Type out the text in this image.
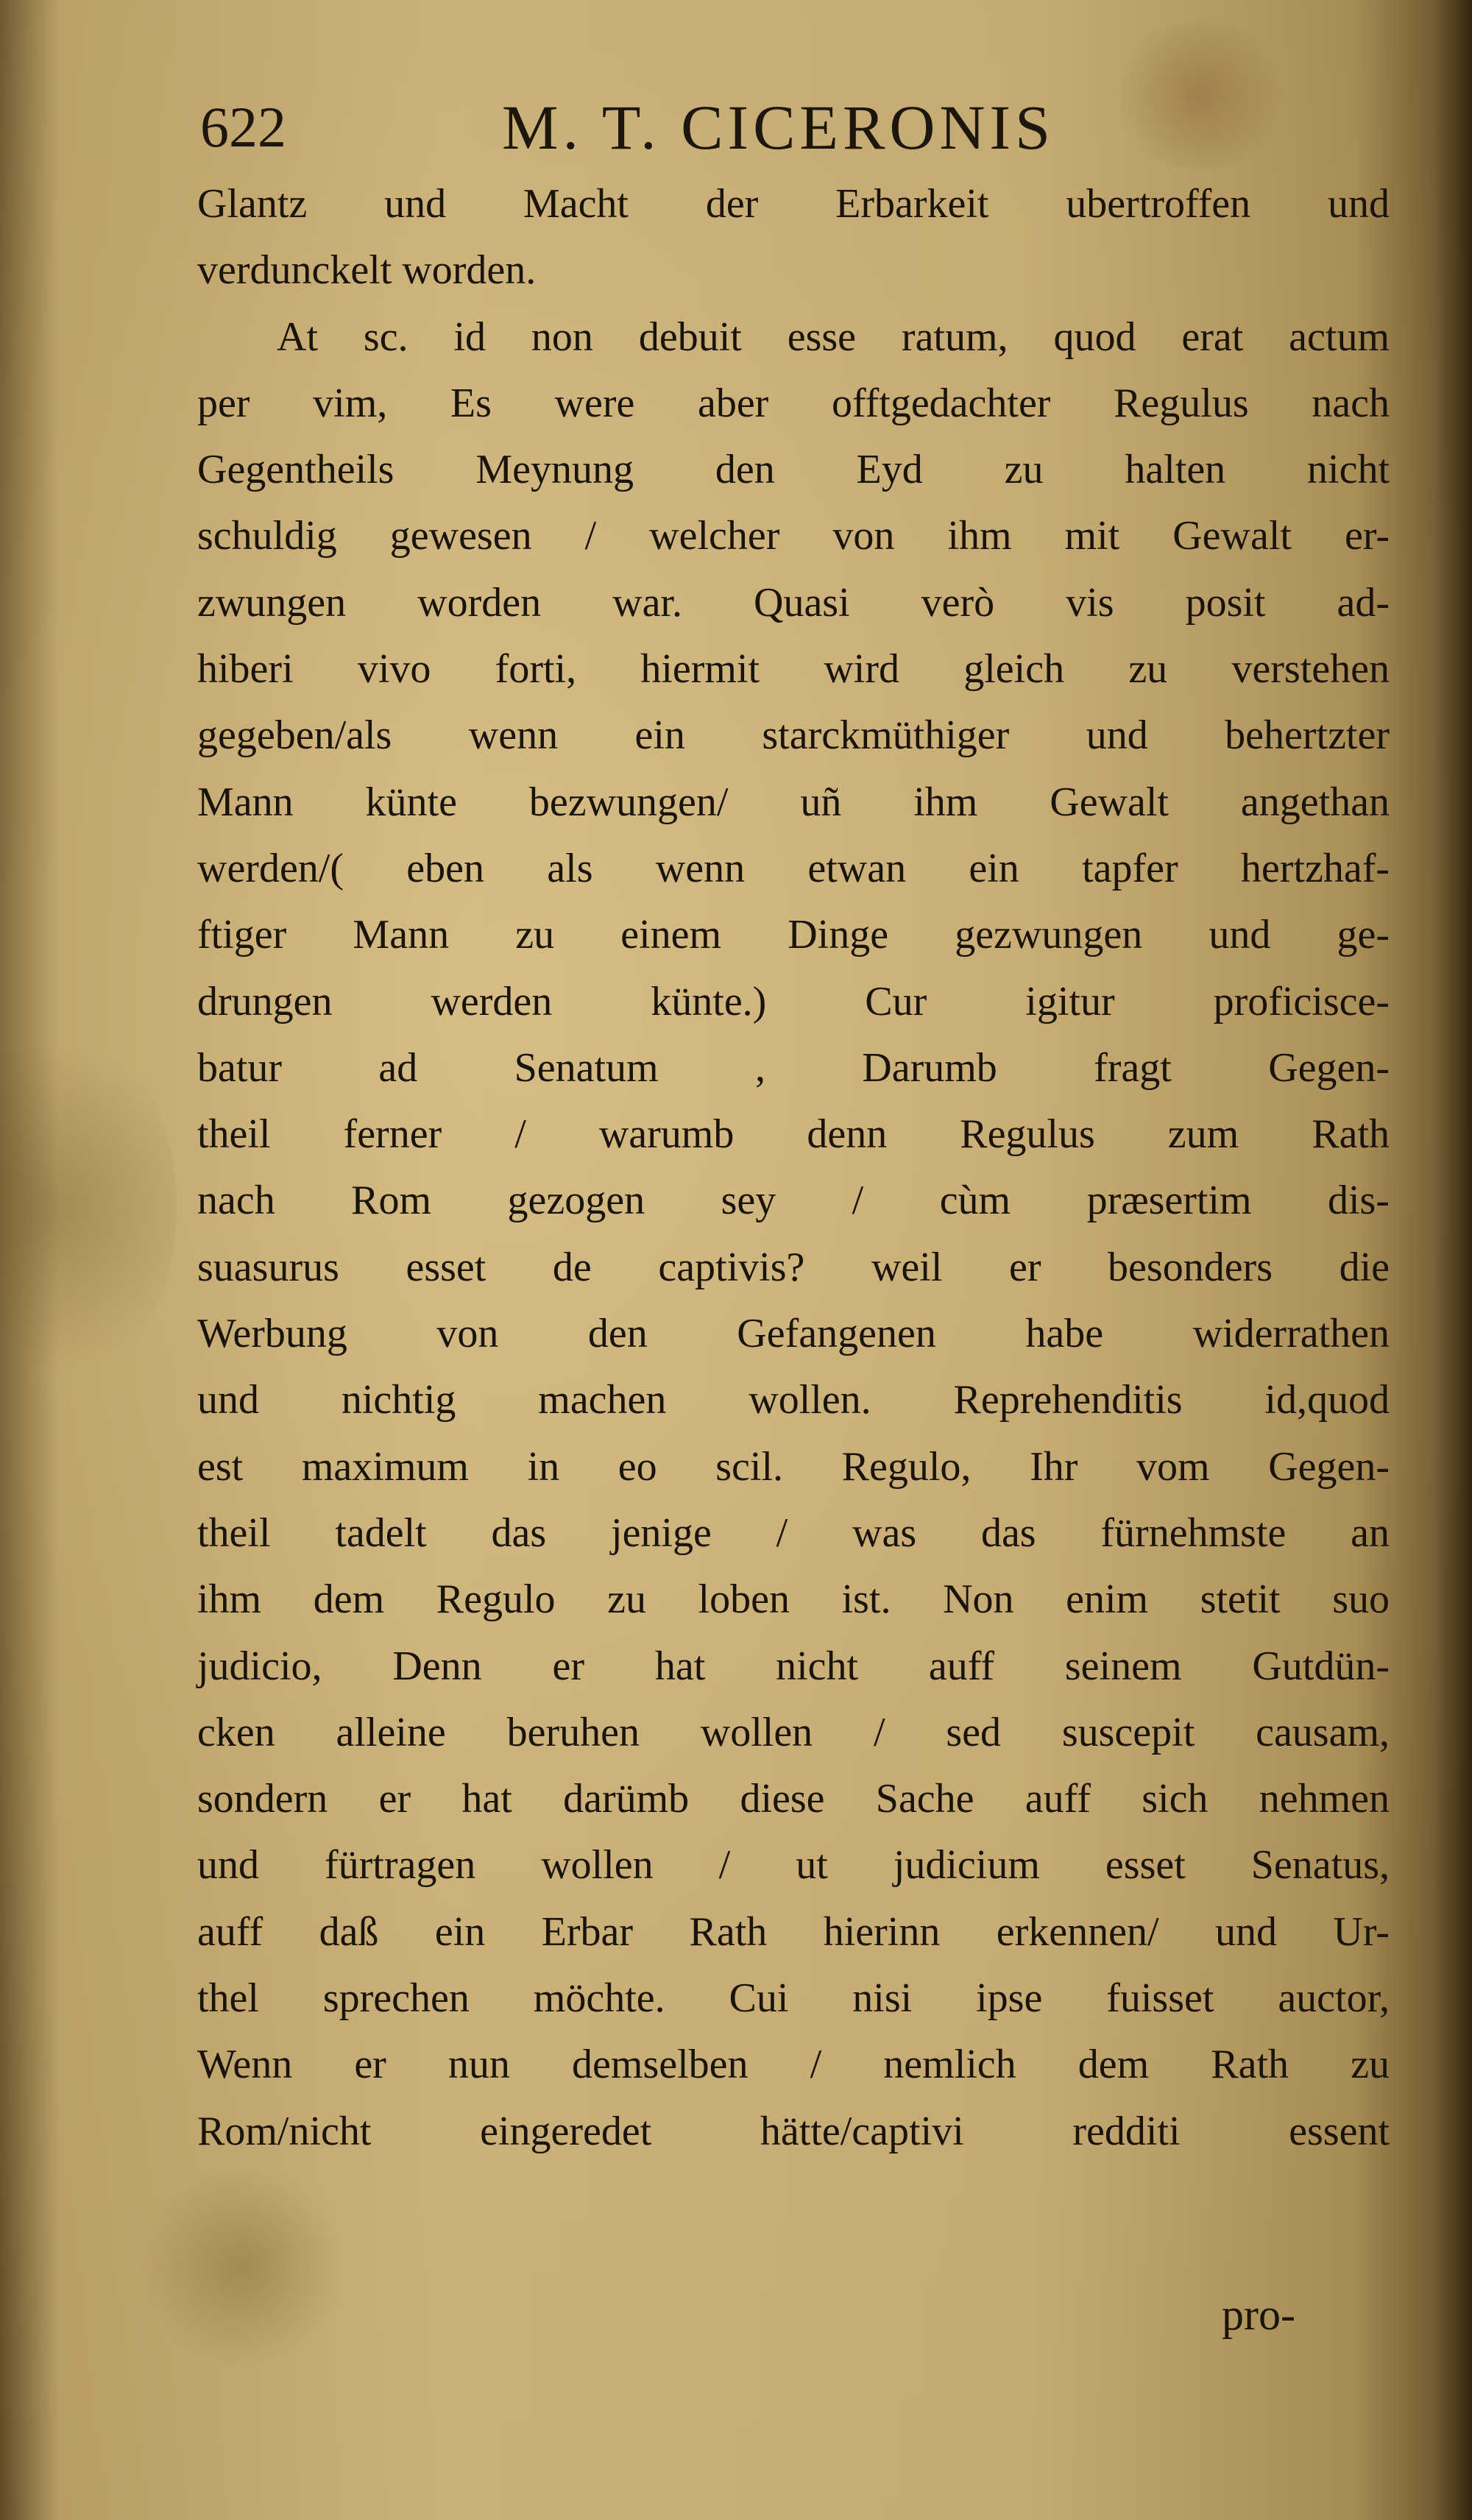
622	M. T. CICERONIS
Glantz und Macht der Erbarkeit ubertroffen und
verdunckelt worden.
At sc. id non debuit esse ratum, quod erat actum
per vim, Es were aber offtgedachter Regulus nach
Gegentheils Meynung den Eyd zu halten nicht
schuldig gewesen / welcher von ihm mit Gewalt er-
zwungen worden war. Quasi verò vis posit ad-
hiberi vivo forti, hiermit wird gleich zu verstehen
gegeben/als wenn ein starckmüthiger und behertzter
Mann künte bezwungen/ uñ ihm Gewalt angethan
werden/( eben als wenn etwan ein tapfer hertzhaf-
ftiger Mann zu einem Dinge gezwungen und ge-
drungen werden künte.) Cur igitur proficisce-
batur ad Senatum , Darumb fragt Gegen-
theil ferner / warumb denn Regulus zum Rath
nach Rom gezogen sey / cùm præsertim dis-
suasurus esset de captivis? weil er besonders die
Werbung von den Gefangenen habe widerrathen
und nichtig machen wollen. Reprehenditis id,quod
est maximum in eo scil. Regulo, Ihr vom Gegen-
theil tadelt das jenige / was das fürnehmste an
ihm dem Regulo zu loben ist. Non enim stetit suo
judicio, Denn er hat nicht auff seinem Gutdün-
cken alleine beruhen wollen / sed suscepit causam,
sondern er hat darümb diese Sache auff sich nehmen
und fürtragen wollen / ut judicium esset Senatus,
auff daß ein Erbar Rath hierinn erkennen/ und Ur-
thel sprechen möchte. Cui nisi ipse fuisset auctor,
Wenn er nun demselben / nemlich dem Rath zu
Rom/nicht eingeredet hätte/captivi redditi essent
pro-
